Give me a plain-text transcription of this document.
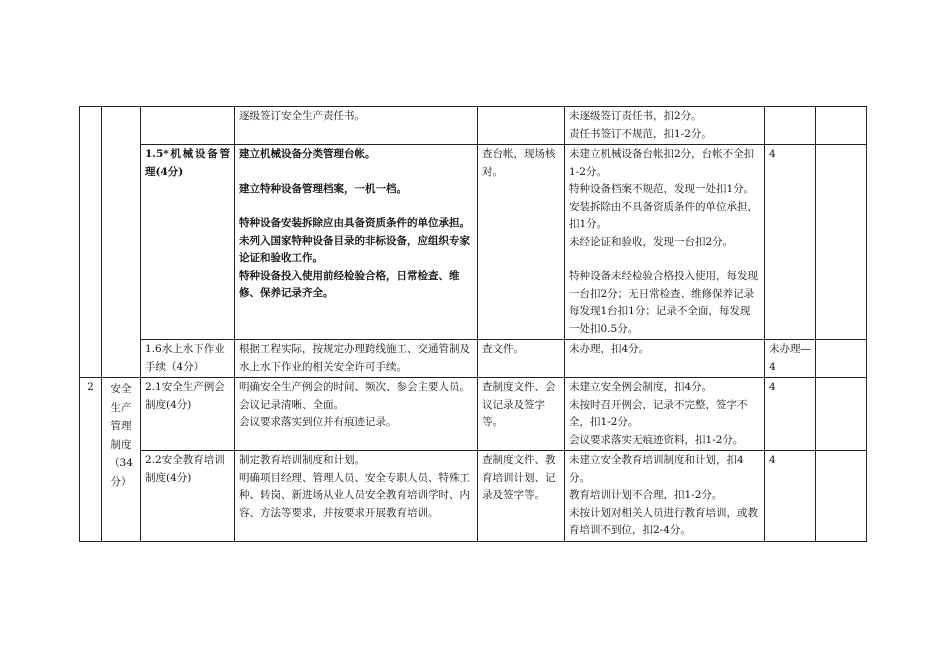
			逐级签订安全生产责任书。		未逐级签订责任书，扣2分。
责任书签订不规范，扣1-2分。		

		1.5*机械设备管理(4分)	建立机械设备分类管理台帐。
建立特种设备管理档案，一机一档。
特种设备安装拆除应由具备资质条件的单位承担。
未列入国家特种设备目录的非标设备，应组织专家论证和验收工作。
特种设备投入使用前经检验合格，日常检查、维修、保养记录齐全。	查台帐，现场核对。	未建立机械设备台帐扣2分，台帐不全扣1-2分。
特种设备档案不规范，发现一处扣1分。
安装拆除由不具备资质条件的单位承担，扣1分。
未经论证和验收，发现一台扣2分。
特种设备未经检验合格投入使用，每发现一台扣2分；无日常检查、维修保养记录每发现1台扣1分；记录不全面，每发现一处扣0.5分。	4	
		1.6水上水下作业手续（4分）	根据工程实际，按规定办理跨线施工、交通管制及水上水下作业的相关安全许可手续。	查文件。	未办理，扣4分。	未办理—4	
2	安全生产管理制度（34分）	2.1安全生产例会制度(4分)	明确安全生产例会的时间、频次、参会主要人员。
会议记录清晰、全面。
会议要求落实到位并有痕迹记录。	查制度文件、会议记录及签字等。	未建立安全例会制度，扣4分。
未按时召开例会，记录不完整，签字不全，扣1-2分。
会议要求落实无痕迹资料，扣1-2分。	4	
		2.2安全教育培训制度(4分)	制定教育培训制度和计划。
明确项目经理、管理人员、安全专职人员、特殊工种、转岗、新进场从业人员安全教育培训学时、内容、方法等要求，并按要求开展教育培训。	查制度文件、教育培训计划、记录及签字等。	未建立安全教育培训制度和计划，扣4分。
教育培训计划不合理，扣1-2分。
未按计划对相关人员进行教育培训，或教育培训不到位，扣2-4分。	4	
